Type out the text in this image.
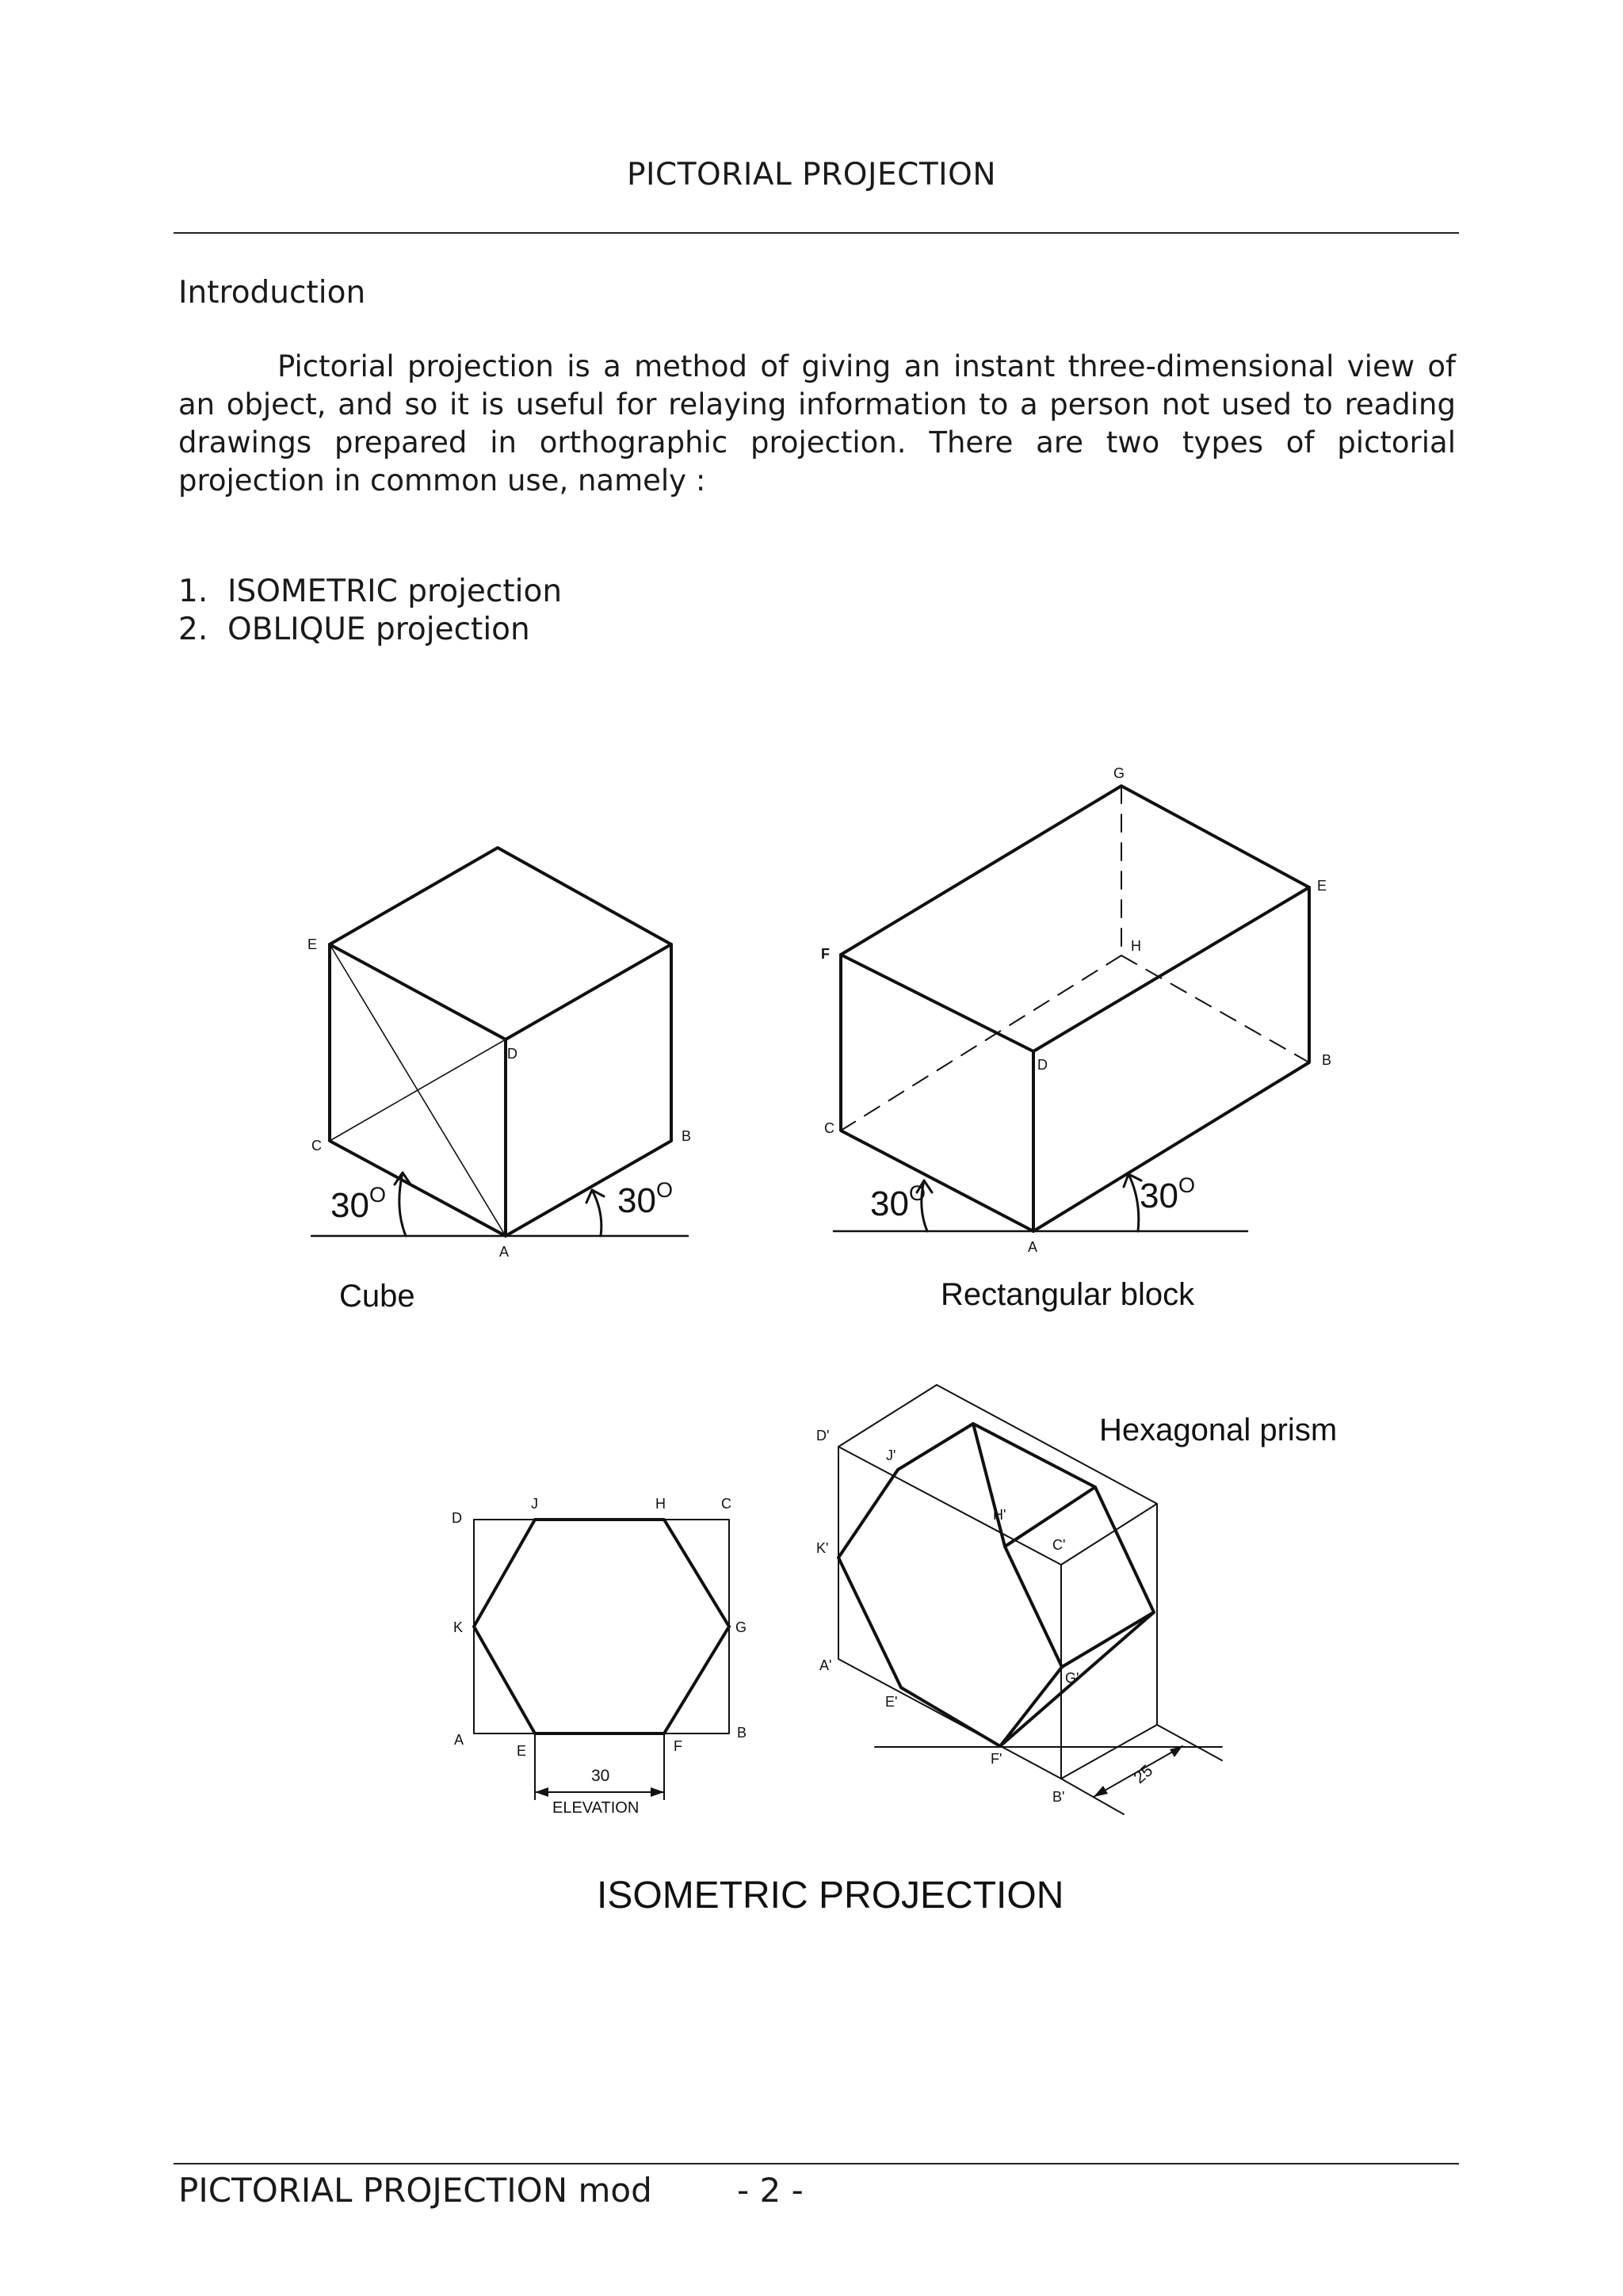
PICTORIAL PROJECTION
Introduction
Pictorial projection is a method of giving an instant three-dimensional view of an object, and so it is useful for relaying information to a person not used to reading drawings prepared in orthographic projection. There are two types of pictorial projection in common use, namely :
1. ISOMETRIC projection
2. OBLIQUE projection
E
D
C
B
A
$30^O$	$30^O$
Cube
G
E
F	H
D	B
C
A
$30^O$	$30^O$
Rectangular block
D
J	H	C
K	G
A
E	F
B
30
ELEVATION
D'
J'
K'
H'
C'
A'
E'
G'
F'
B'
25
Hexagonal prism
ISOMETRIC PROJECTION
PICTORIAL PROJECTION mod	- 2 -
